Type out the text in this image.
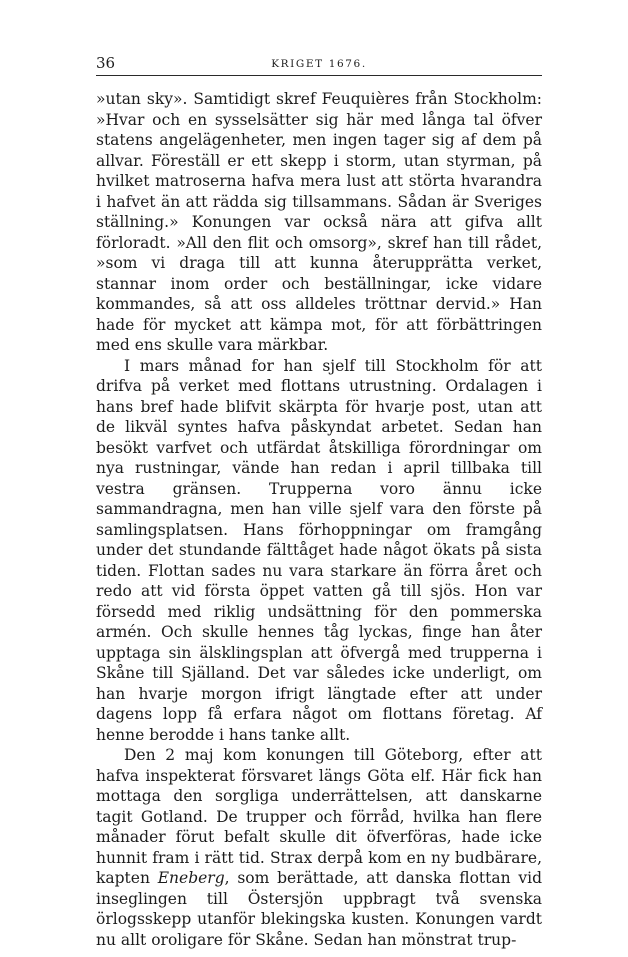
36	KRIGET 1676.

»utan sky». Samtidigt skref Feuquières från Stockholm: »Hvar och en sysselsätter sig här med långa tal öfver statens angelägenheter, men ingen tager sig af dem på allvar. Föreställ er ett skepp i storm, utan styrman, på hvilket matroserna hafva mera lust att störta hvarandra i hafvet än att rädda sig tillsammans. Sådan är Sveriges ställning.» Konungen var också nära att gifva allt förloradt. »All den flit och omsorg», skref han till rådet, »som vi draga till att kunna återupprätta verket, stannar inom order och beställningar, icke vidare kommandes, så att oss alldeles tröttnar dervid.» Han hade för mycket att kämpa mot, för att förbättringen med ens skulle vara märkbar.

I mars månad for han sjelf till Stockholm för att drifva på verket med flottans utrustning. Ordalagen i hans bref hade blifvit skärpta för hvarje post, utan att de likväl syntes hafva påskyndat arbetet. Sedan han besökt varfvet och utfärdat åtskilliga förordningar om nya rustningar, vände han redan i april tillbaka till vestra gränsen. Trupperna voro ännu icke sammandragna, men han ville sjelf vara den förste på samlingsplatsen. Hans förhoppningar om framgång under det stundande fälttåget hade något ökats på sista tiden. Flottan sades nu vara starkare än förra året och redo att vid första öppet vatten gå till sjös. Hon var försedd med riklig undsättning för den pommerska armén. Och skulle hennes tåg lyckas, finge han åter upptaga sin älsklingsplan att öfvergå med trupperna i Skåne till Själland. Det var således icke underligt, om han hvarje morgon ifrigt längtade efter att under dagens lopp få erfara något om flottans företag. Af henne berodde i hans tanke allt.

Den 2 maj kom konungen till Göteborg, efter att hafva inspekterat försvaret längs Göta elf. Här fick han mottaga den sorgliga underrättelsen, att danskarne tagit Gotland. De trupper och förråd, hvilka han flere månader förut befalt skulle dit öfverföras, hade icke hunnit fram i rätt tid. Strax derpå kom en ny budbärare, kapten Eneberg, som berättade, att danska flottan vid inseglingen till Östersjön uppbragt två svenska örlogsskepp utanför blekingska kusten. Konungen vardt nu allt oroligare för Skåne. Sedan han mönstrat trup-
